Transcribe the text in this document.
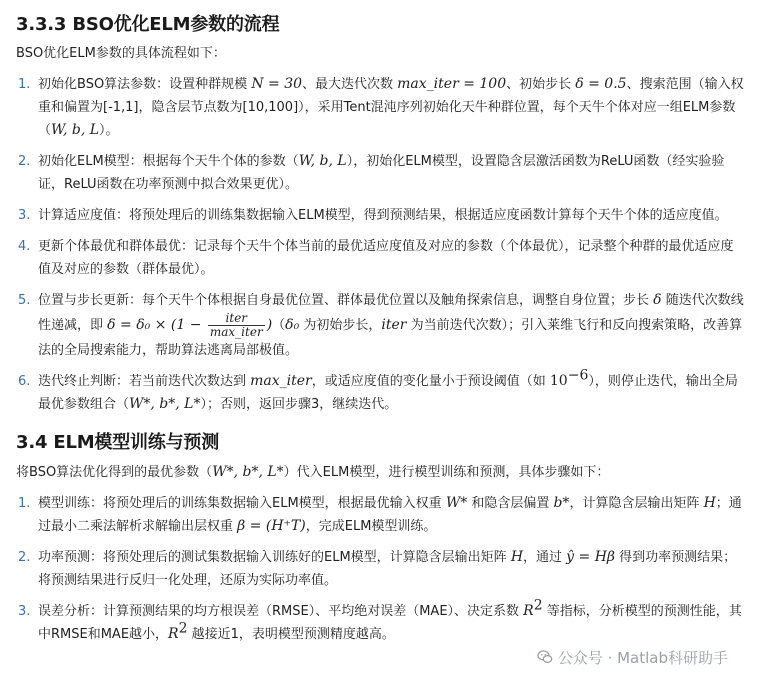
3.3.3 BSO优化ELM参数的流程

BSO优化ELM参数的具体流程如下：

1. 初始化BSO算法参数：设置种群规模 N = 30、最大迭代次数 max_iter = 100、初始步长 δ = 0.5、搜索范围（输入权重和偏置为[-1,1]，隐含层节点数为[10,100]），采用Tent混沌序列初始化天牛种群位置，每个天牛个体对应一组ELM参数（W, b, L）。
2. 初始化ELM模型：根据每个天牛个体的参数（W, b, L），初始化ELM模型，设置隐含层激活函数为ReLU函数（经实验验证，ReLU函数在功率预测中拟合效果更优）。
3. 计算适应度值：将预处理后的训练集数据输入ELM模型，得到预测结果，根据适应度函数计算每个天牛个体的适应度值。
4. 更新个体最优和群体最优：记录每个天牛个体当前的最优适应度值及对应的参数（个体最优），记录整个种群的最优适应度值及对应的参数（群体最优）。
5. 位置与步长更新：每个天牛个体根据自身最优位置、群体最优位置以及触角探索信息，调整自身位置；步长 δ 随迭代次数线性递减，即 $\delta = \delta_0 \times (1 - \frac{\text{iter}}{\text{max\_iter}} )(\delta_0$ 为初始步长，iter 为当前迭代次数）；引入莱维飞行和反向搜索策略，改善算法的全局搜索能力，帮助算法逃离局部极值。
6. 迭代终止判断：若当前迭代次数达到 max_iter，或适应度值的变化量小于预设阈值（如 $10^{-6}$），则停止迭代，输出全局最优参数组合（W*, b*, L*）；否则，返回步骤3，继续迭代。
3.4 ELM模型训练与预测

将BSO算法优化得到的最优参数（W*, b*, L*）代入ELM模型，进行模型训练和预测，具体步骤如下：

1. 模型训练：将预处理后的训练集数据输入ELM模型，根据最优输入权重 W* 和隐含层偏置 b*，计算隐含层输出矩阵 H；通过最小二乘法解析求解输出层权重 β = (H⁺T)，完成ELM模型训练。
2. 功率预测：将预处理后的测试集数据输入训练好的ELM模型，计算隐含层输出矩阵 H，通过 ŷ = Hβ 得到功率预测结果；将预测结果进行反归一化处理，还原为实际功率值。
3. 误差分析：计算预测结果的均方根误差（RMSE）、平均绝对误差（MAE）、决定系数 $R^2$ 等指标，分析模型的预测性能，其中RMSE和MAE越小，$R^2$ 越接近1，表明模型预测精度越高。
公众号 · Matlab科研助手
